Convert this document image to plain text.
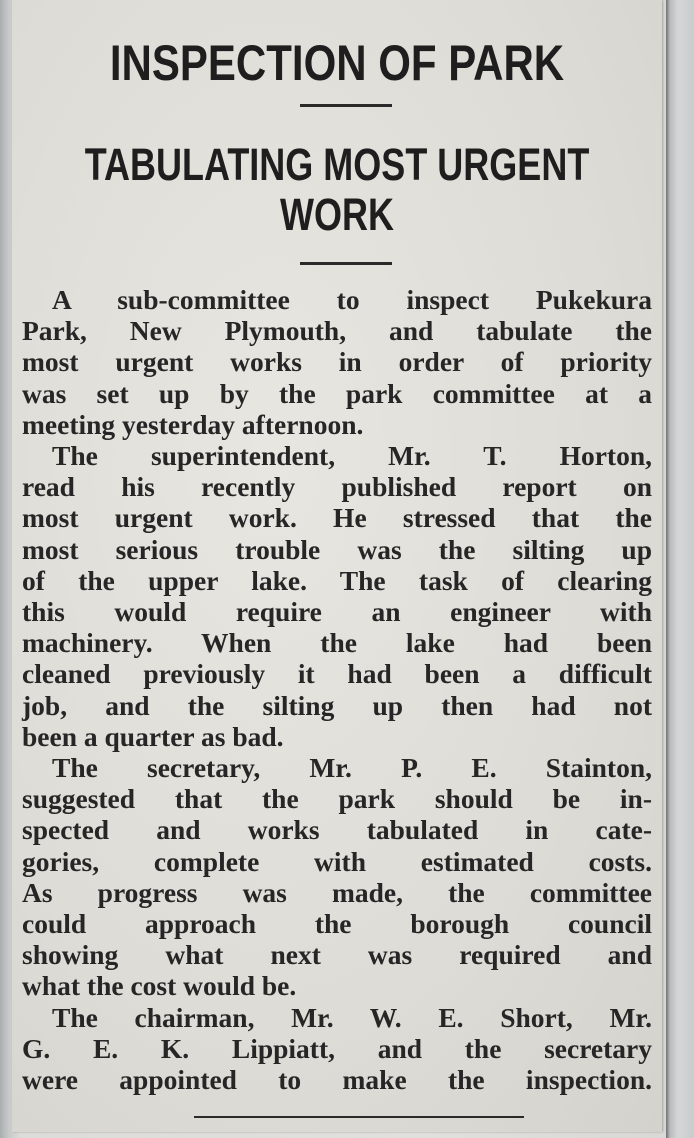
INSPECTION OF PARK
TABULATING MOST URGENT
WORK

A sub-committee to inspect Pukekura

Park, New Plymouth, and tabulate the

most urgent works in order of priority

was set up by the park committee at a

meeting yesterday afternoon.

The superintendent, Mr. T. Horton,

read his recently published report on

most urgent work. He stressed that the

most serious trouble was the silting up

of the upper lake. The task of clearing

this would require an engineer with

machinery. When the lake had been

cleaned previously it had been a difficult

job, and the silting up then had not

been a quarter as bad.

The secretary, Mr. P. E. Stainton,

suggested that the park should be in-

spected and works tabulated in cate-

gories, complete with estimated costs.

As progress was made, the committee

could approach the borough council

showing what next was required and

what the cost would be.

The chairman, Mr. W. E. Short, Mr.

G. E. K. Lippiatt, and the secretary

were appointed to make the inspection.
